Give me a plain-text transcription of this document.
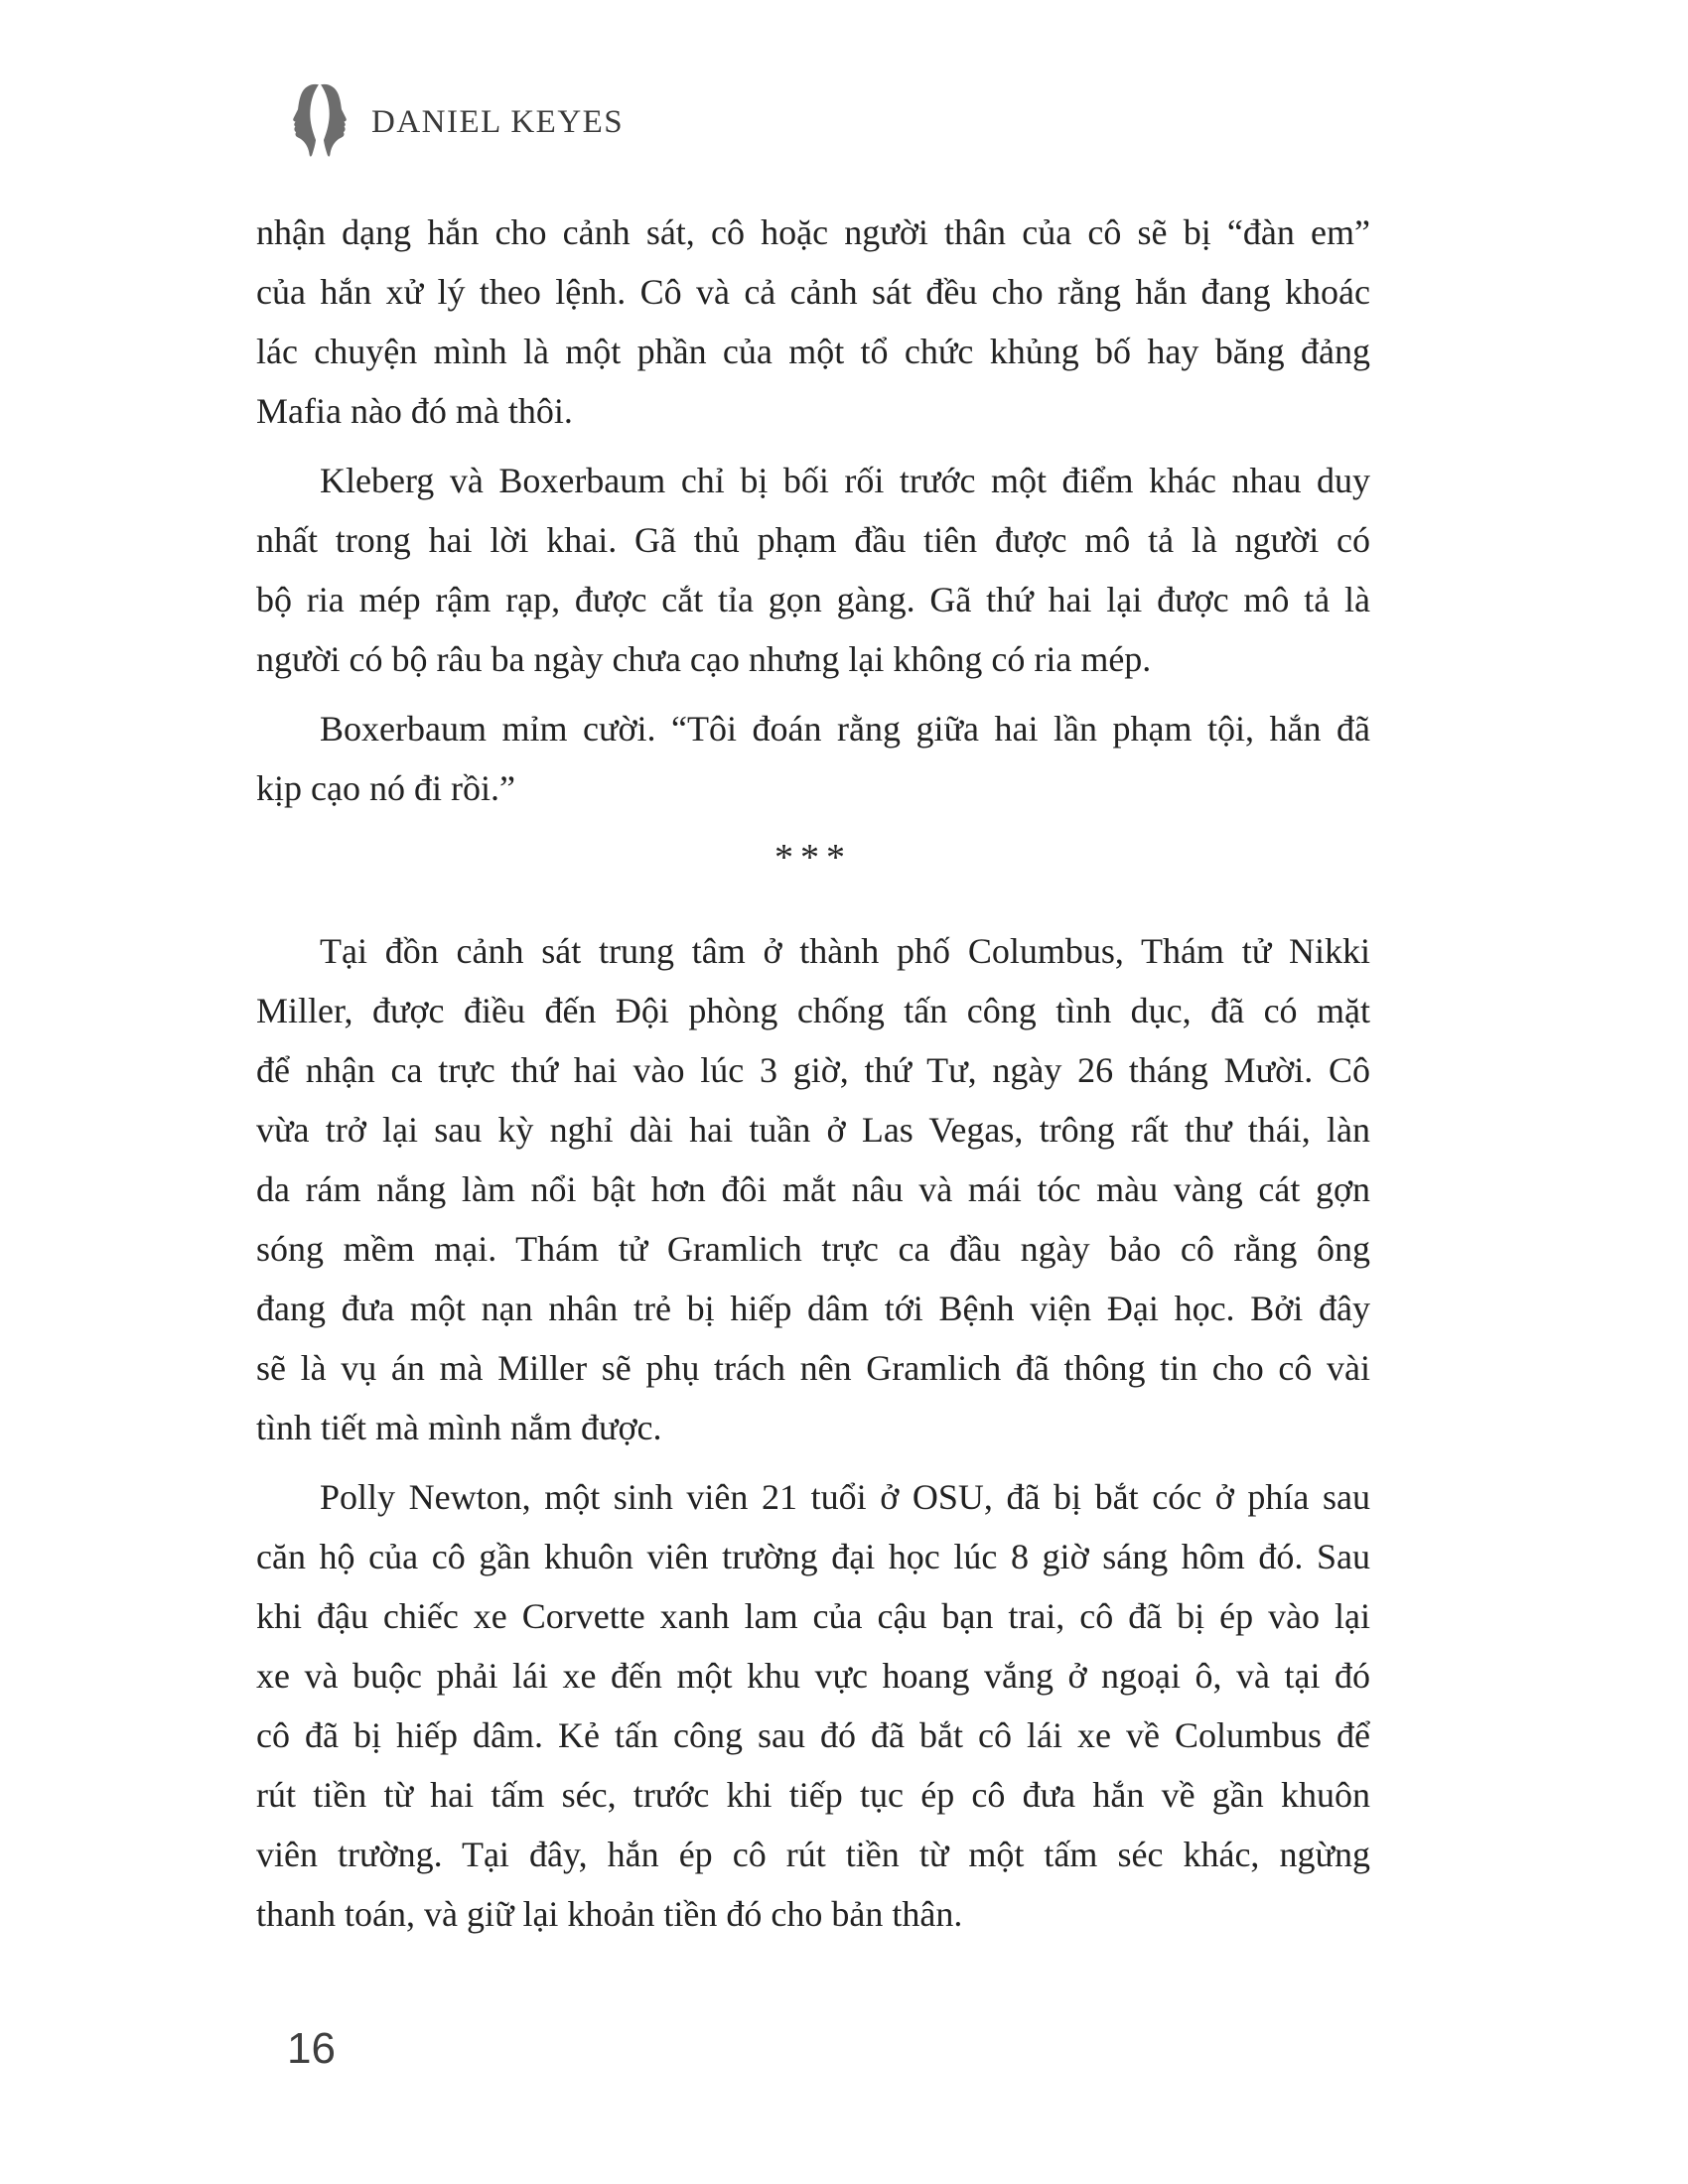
DANIEL KEYES
nhận dạng hắn cho cảnh sát, cô hoặc người thân của cô sẽ bị “đàn em”
của hắn xử lý theo lệnh. Cô và cả cảnh sát đều cho rằng hắn đang khoác
lác chuyện mình là một phần của một tổ chức khủng bố hay băng đảng
Mafia nào đó mà thôi.
Kleberg và Boxerbaum chỉ bị bối rối trước một điểm khác nhau duy
nhất trong hai lời khai. Gã thủ phạm đầu tiên được mô tả là người có
bộ ria mép rậm rạp, được cắt tỉa gọn gàng. Gã thứ hai lại được mô tả là
người có bộ râu ba ngày chưa cạo nhưng lại không có ria mép.
Boxerbaum mỉm cười. “Tôi đoán rằng giữa hai lần phạm tội, hắn đã
kịp cạo nó đi rồi.”
***
Tại đồn cảnh sát trung tâm ở thành phố Columbus, Thám tử Nikki
Miller, được điều đến Đội phòng chống tấn công tình dục, đã có mặt
để nhận ca trực thứ hai vào lúc 3 giờ, thứ Tư, ngày 26 tháng Mười. Cô
vừa trở lại sau kỳ nghỉ dài hai tuần ở Las Vegas, trông rất thư thái, làn
da rám nắng làm nổi bật hơn đôi mắt nâu và mái tóc màu vàng cát gợn
sóng mềm mại. Thám tử Gramlich trực ca đầu ngày bảo cô rằng ông
đang đưa một nạn nhân trẻ bị hiếp dâm tới Bệnh viện Đại học. Bởi đây
sẽ là vụ án mà Miller sẽ phụ trách nên Gramlich đã thông tin cho cô vài
tình tiết mà mình nắm được.
Polly Newton, một sinh viên 21 tuổi ở OSU, đã bị bắt cóc ở phía sau
căn hộ của cô gần khuôn viên trường đại học lúc 8 giờ sáng hôm đó. Sau
khi đậu chiếc xe Corvette xanh lam của cậu bạn trai, cô đã bị ép vào lại
xe và buộc phải lái xe đến một khu vực hoang vắng ở ngoại ô, và tại đó
cô đã bị hiếp dâm. Kẻ tấn công sau đó đã bắt cô lái xe về Columbus để
rút tiền từ hai tấm séc, trước khi tiếp tục ép cô đưa hắn về gần khuôn
viên trường. Tại đây, hắn ép cô rút tiền từ một tấm séc khác, ngừng
thanh toán, và giữ lại khoản tiền đó cho bản thân.
16
